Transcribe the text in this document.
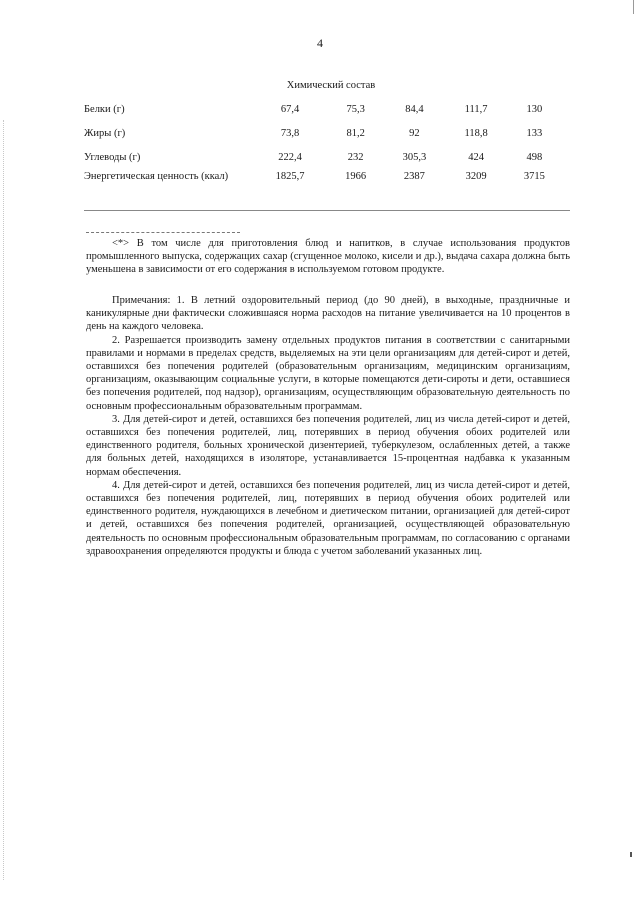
4
Химический состав
Белки (г)	67,4	75,3	84,4	111,7	130
Жиры (г)	73,8	81,2	92	118,8	133
Углеводы (г)	222,4	232	305,3	424	498
Энергетическая ценность (ккал)	1825,7	1966	2387	3209	3715

<*> В том числе для приготовления блюд и напитков, в случае использования продуктов промышленного выпуска, содержащих сахар (сгущенное молоко, кисели и др.), выдача сахара должна быть уменьшена в зависимости от его содержания в используемом готовом продукте.

Примечания: 1. В летний оздоровительный период (до 90 дней), в выходные, праздничные и каникулярные дни фактически сложившаяся норма расходов на питание увеличивается на 10 процентов в день на каждого человека.

2. Разрешается производить замену отдельных продуктов питания в соответствии с санитарными правилами и нормами в пределах средств, выделяемых на эти цели организациям для детей-сирот и детей, оставшихся без попечения родителей (образовательным организациям, медицинским организациям, организациям, оказывающим социальные услуги, в которые помещаются дети-сироты и дети, оставшиеся без попечения родителей, под надзор), организациям, осуществляющим образовательную деятельность по основным профессиональным образовательным программам.

3. Для детей-сирот и детей, оставшихся без попечения родителей, лиц из числа детей-сирот и детей, оставшихся без попечения родителей, лиц, потерявших в период обучения обоих родителей или единственного родителя, больных хронической дизентерией, туберкулезом, ослабленных детей, а также для больных детей, находящихся в изоляторе, устанавливается 15-процентная надбавка к указанным нормам обеспечения.

4. Для детей-сирот и детей, оставшихся без попечения родителей, лиц из числа детей-сирот и детей, оставшихся без попечения родителей, лиц, потерявших в период обучения обоих родителей или единственного родителя, нуждающихся в лечебном и диетическом питании, организацией для детей-сирот и детей, оставшихся без попечения родителей, организацией, осуществляющей образовательную деятельность по основным профессиональным образовательным программам, по согласованию с органами здравоохранения определяются продукты и блюда с учетом заболеваний указанных лиц.
